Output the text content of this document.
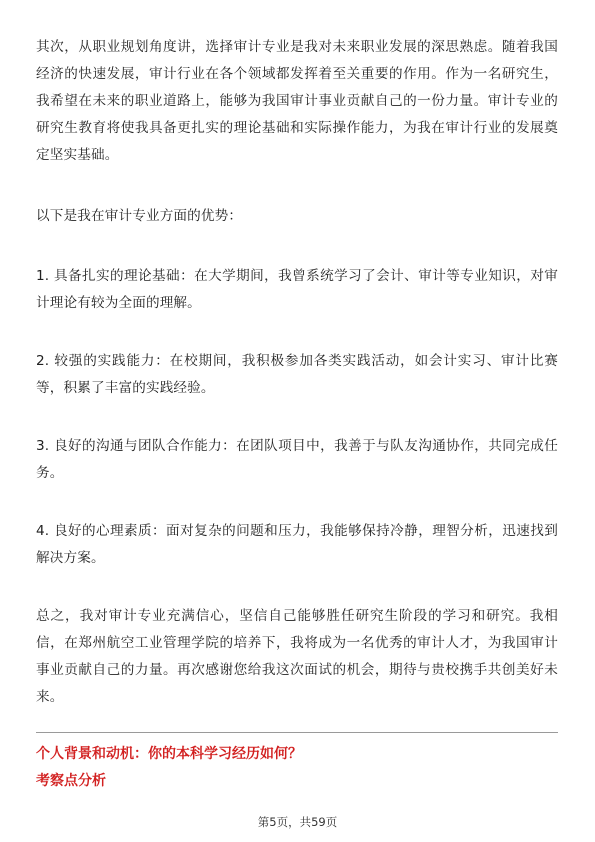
其次，从职业规划角度讲，选择审计专业是我对未来职业发展的深思熟虑。随着我国经济的快速发展，审计行业在各个领域都发挥着至关重要的作用。作为一名研究生，我希望在未来的职业道路上，能够为我国审计事业贡献自己的一份力量。审计专业的研究生教育将使我具备更扎实的理论基础和实际操作能力，为我在审计行业的发展奠定坚实基础。

以下是我在审计专业方面的优势：

1. 具备扎实的理论基础：在大学期间，我曾系统学习了会计、审计等专业知识，对审计理论有较为全面的理解。

2. 较强的实践能力：在校期间，我积极参加各类实践活动，如会计实习、审计比赛等，积累了丰富的实践经验。

3. 良好的沟通与团队合作能力：在团队项目中，我善于与队友沟通协作，共同完成任务。

4. 良好的心理素质：面对复杂的问题和压力，我能够保持冷静，理智分析，迅速找到解决方案。

总之，我对审计专业充满信心，坚信自己能够胜任研究生阶段的学习和研究。我相信，在郑州航空工业管理学院的培养下，我将成为一名优秀的审计人才，为我国审计事业贡献自己的力量。再次感谢您给我这次面试的机会，期待与贵校携手共创美好未来。

个人背景和动机：你的本科学习经历如何？

考察点分析

第5页，共59页
